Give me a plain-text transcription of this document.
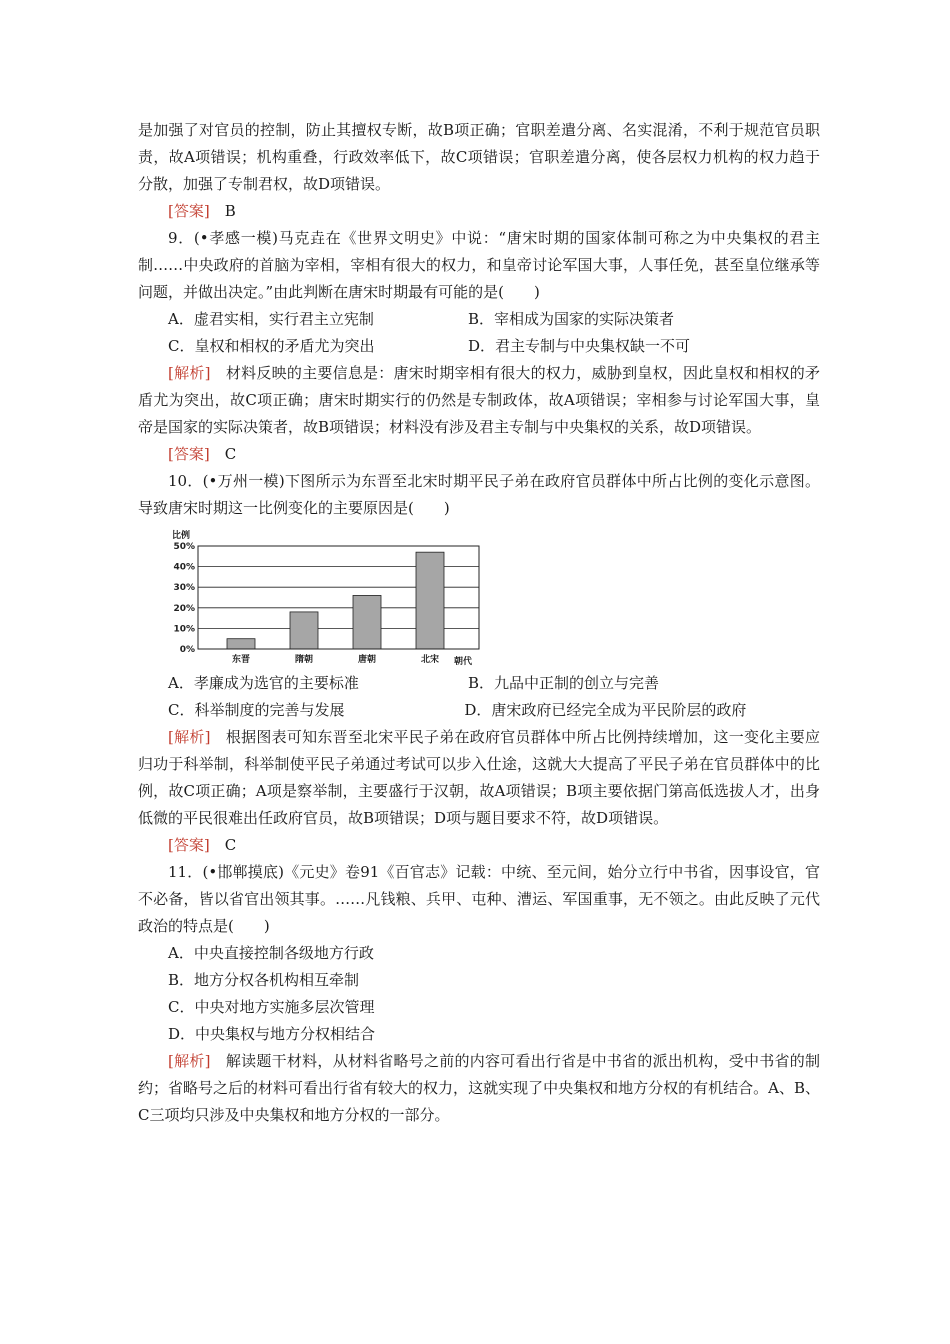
是加强了对官员的控制，防止其擅权专断，故B项正确；官职差遣分离、名实混淆，不利于规范官员职责，故A项错误；机构重叠，行政效率低下，故C项错误；官职差遣分离，使各层权力机构的权力趋于分散，加强了专制君权，故D项错误。

[答案]　 B

9．(•孝感一模)马克垚在《世界文明史》中说：“唐宋时期的国家体制可称之为中央集权的君主制……中央政府的首脑为宰相，宰相有很大的权力，和皇帝讨论军国大事，人事任免，甚至皇位继承等问题，并做出决定。”由此判断在唐宋时期最有可能的是(　　)

A．虚君实相，实行君主立宪制	B．宰相成为国家的实际决策者
C．皇权和相权的矛盾尤为突出	D．君主专制与中央集权缺一不可

[解析]　 材料反映的主要信息是：唐宋时期宰相有很大的权力，威胁到皇权，因此皇权和相权的矛盾尤为突出，故C项正确；唐宋时期实行的仍然是专制政体，故A项错误；宰相参与讨论军国大事，皇帝是国家的实际决策者，故B项错误；材料没有涉及君主专制与中央集权的关系，故D项错误。

[答案]　 C

10．(•万州一模)下图所示为东晋至北宋时期平民子弟在政府官员群体中所占比例的变化示意图。导致唐宋时期这一比例变化的主要原因是(　　)

比例
朝代
0%
10%
20%
30%
40%
50%
东晋	隋朝	唐朝	北宋
A．孝廉成为选官的主要标准	B．九品中正制的创立与完善
C．科举制度的完善与发展	D．唐宋政府已经完全成为平民阶层的政府

[解析]　 根据图表可知东晋至北宋平民子弟在政府官员群体中所占比例持续增加，这一变化主要应归功于科举制，科举制使平民子弟通过考试可以步入仕途，这就大大提高了平民子弟在官员群体中的比例，故C项正确；A项是察举制，主要盛行于汉朝，故A项错误；B项主要依据门第高低选拔人才，出身低微的平民很难出任政府官员，故B项错误；D项与题目要求不符，故D项错误。

[答案]　 C

11．(•邯郸摸底)《元史》卷91《百官志》记载：中统、至元间，始分立行中书省，因事设官，官不必备，皆以省官出领其事。……凡钱粮、兵甲、屯种、漕运、军国重事，无不领之。由此反映了元代政治的特点是(　　)

A．中央直接控制各级地方行政
B．地方分权各机构相互牵制
C．中央对地方实施多层次管理
D．中央集权与地方分权相结合

[解析]　 解读题干材料，从材料省略号之前的内容可看出行省是中书省的派出机构，受中书省的制约；省略号之后的材料可看出行省有较大的权力，这就实现了中央集权和地方分权的有机结合。A、B、C三项均只涉及中央集权和地方分权的一部分。
